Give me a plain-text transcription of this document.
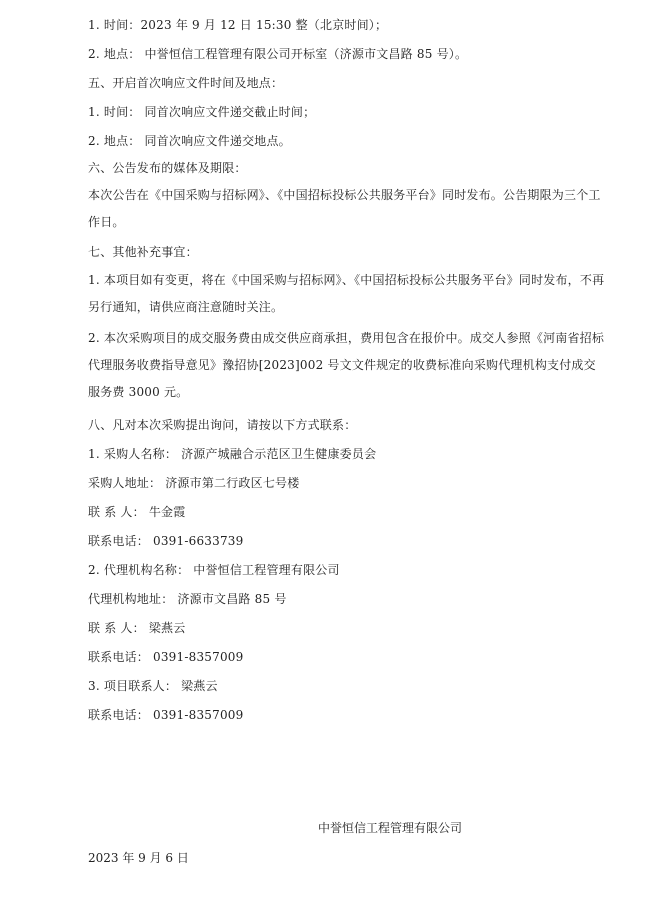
1. 时间：2023 年 9 月 12 日 15:30 整（北京时间）；
2. 地点： 中誉恒信工程管理有限公司开标室（济源市文昌路 85 号）。
五、开启首次响应文件时间及地点：
1. 时间： 同首次响应文件递交截止时间；
2. 地点： 同首次响应文件递交地点。
六、公告发布的媒体及期限：
本次公告在《中国采购与招标网》、《中国招标投标公共服务平台》同时发布。公告期限为三个工作日。
七、其他补充事宜：
1. 本项目如有变更，将在《中国采购与招标网》、《中国招标投标公共服务平台》同时发布，不再另行通知，请供应商注意随时关注。
2. 本次采购项目的成交服务费由成交供应商承担，费用包含在报价中。成交人参照《河南省招标代理服务收费指导意见》豫招协[2023]002 号文文件规定的收费标准向采购代理机构支付成交服务费 3000 元。
八、凡对本次采购提出询问，请按以下方式联系：
1. 采购人名称： 济源产城融合示范区卫生健康委员会
采购人地址： 济源市第二行政区七号楼
联 系 人： 牛金霞
联系电话： 0391-6633739
2. 代理机构名称： 中誉恒信工程管理有限公司
代理机构地址： 济源市文昌路 85 号
联 系 人： 梁燕云
联系电话： 0391-8357009
3. 项目联系人： 梁燕云
联系电话： 0391-8357009
中誉恒信工程管理有限公司
2023 年 9 月 6 日
